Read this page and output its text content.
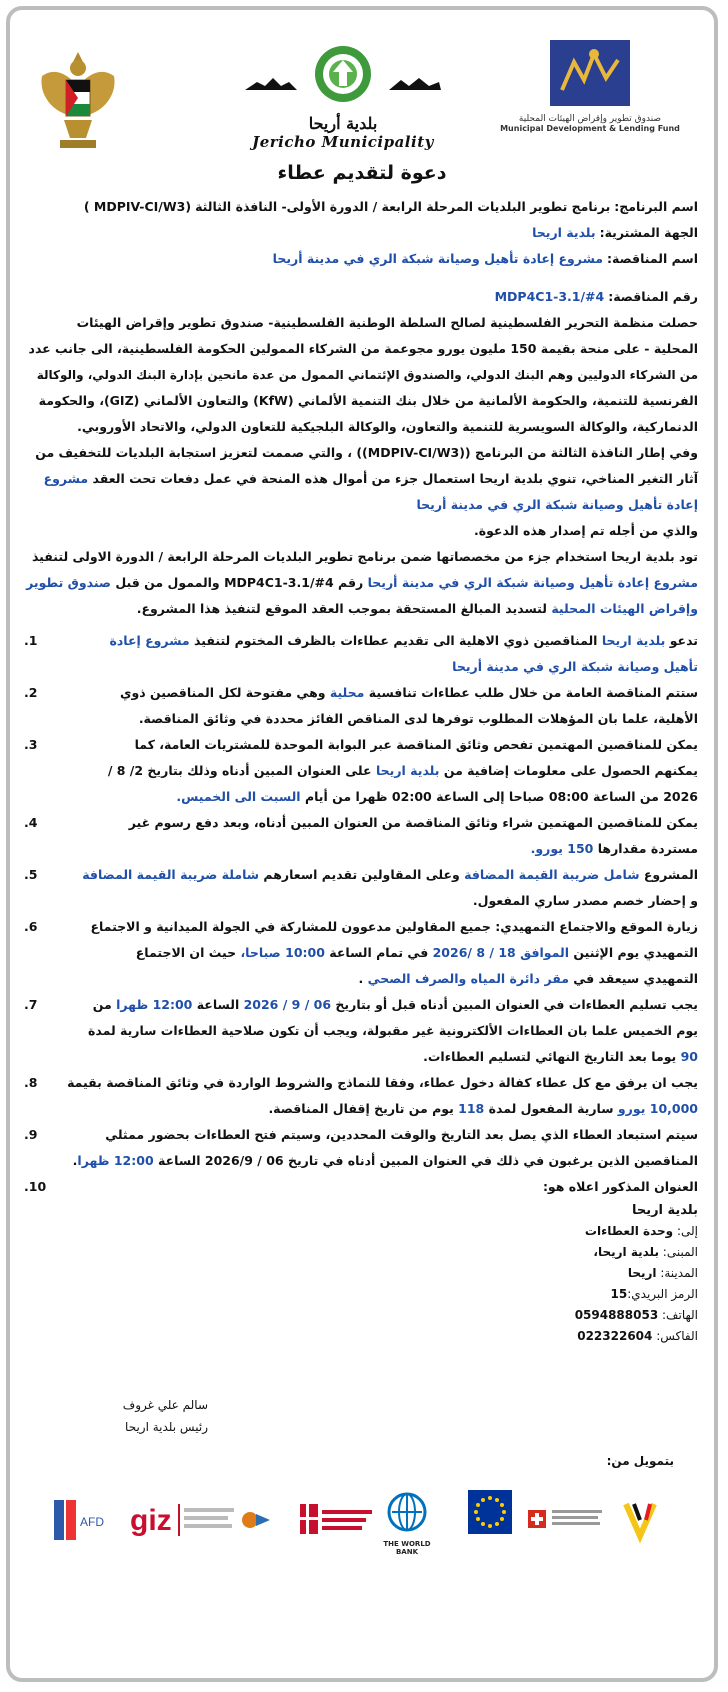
بلدية أريحا
Jericho Municipality
صندوق تطوير وإقراض الهيئات المحلية
Municipal Development & Lending Fund
دعوة لتقديم عطاء
اسم البرنامج: برنامج تطوير البلديات المرحلة الرابعة / الدورة الأولى- النافذة الثالثة (MDPIV-CI/W3 )
الجهة المشترية: بلدية اريحا
اسم المناقصة: مشروع إعادة تأهيل وصيانة شبكة الري في مدينة أريحا
رقم المناقصة: MDP4C1-3.1/#4
حصلت منظمة التحرير الفلسطينية لصالح السلطة الوطنية الفلسطينية- صندوق تطوير وإقراض الهيئات
المحلية - على منحة بقيمة 150 مليون يورو مجوعمة من الشركاء الممولين الحكومة الفلسطينية، الى جانب عدد
من الشركاء الدوليين وهم البنك الدولي، والصندوق الإئتماني الممول من عدة مانحين بإدارة البنك الدولي، والوكالة
الفرنسية للتنمية، والحكومة الألمانية من خلال بنك التنمية الألماني (KfW) والتعاون الألماني (GIZ)، والحكومة
الدنماركية، والوكالة السويسرية للتنمية والتعاون، والوكالة البلجيكية للتعاون الدولي، والاتحاد الأوروبي.
وفي إطار النافذة الثالثة من البرنامج ((MDPIV-CI/W3)) ، والتي صممت لتعزيز استجابة البلديات للتخفيف من
آثار التغير المناخي، تنوي بلدية اريحا استعمال جزء من أموال هذه المنحة في عمل دفعات تحت العقد مشروع
إعادة تأهيل وصيانة شبكة الري في مدينة أريحا
والذي من أجله تم إصدار هذه الدعوة.
تود بلدية اريحا استخدام جزء من مخصصاتها ضمن برنامج تطوير البلديات المرحلة الرابعة / الدورة الاولى لتنفيذ
مشروع إعادة تأهيل وصيانة شبكة الري في مدينة أريحا رقم MDP4C1-3.1/#4 والممول من قبل صندوق تطوير
وإقراض الهيئات المحلية لتسديد المبالغ المستحقة بموجب العقد الموقع لتنفيذ هذا المشروع.
1.	تدعو بلدية اريحا المناقصين ذوي الاهلية الى تقديم عطاءات بالظرف المختوم لتنفيذ مشروع إعادة
تأهيل وصيانة شبكة الري في مدينة أريحا
2.	ستتم المناقصة العامة من خلال طلب عطاءات تنافسية محلية وهي مفتوحة لكل المناقصين ذوي
الأهلية، علما بان المؤهلات المطلوب توفرها لدى المناقص الفائز محددة في وثائق المناقصة.
3.	يمكن للمناقصين المهتمين تفحص وثائق المناقصة عبر البوابة الموحدة للمشتريات العامة، كما
يمكنهم الحصول على معلومات إضافية من بلدية اريحا على العنوان المبين أدناه وذلك بتاريخ 2/ 8 /
2026 من الساعة 08:00 صباحا إلى الساعة 02:00 ظهرا من أيام السبت الى الخميس.
4.	يمكن للمناقصين المهتمين شراء وثائق المناقصة من العنوان المبين أدناه، وبعد دفع رسوم غير
مستردة مقدارها 150 يورو.
5.	المشروع شامل ضريبة القيمة المضافة وعلى المقاولين تقديم اسعارهم شاملة ضريبة القيمة المضافة
و إحضار خصم مصدر ساري المفعول.
6.	زيارة الموقع والاجتماع التمهيدي: جميع المقاولين مدعوون للمشاركة في الجولة الميدانية و الاجتماع
التمهيدي يوم الإثنين الموافق 18 / 8 /2026 في تمام الساعة 10:00 صباحا، حيث ان الاجتماع
التمهيدي سيعقد في مقر دائرة المياه والصرف الصحي .
7.	يجب تسليم العطاءات في العنوان المبين أدناه قبل أو بتاريخ 06 / 9 / 2026 الساعة 12:00 ظهرا من
يوم الخميس علما بان العطاءات الألكترونية غير مقبولة، ويجب أن تكون صلاحية العطاءات سارية لمدة
90 يوما بعد التاريخ النهائي لتسليم العطاءات.
8.	يجب ان يرفق مع كل عطاء كفالة دخول عطاء، وفقا للنماذج والشروط الواردة في وثائق المناقصة بقيمة
10,000 يورو سارية المفعول لمدة 118 يوم من تاريخ إقفال المناقصة.
9.	سيتم استبعاد العطاء الذي يصل بعد التاريخ والوقت المحددين، وسيتم فتح العطاءات بحضور ممثلي
المناقصين الذين يرغبون في ذلك في العنوان المبين أدناه في تاريخ 06 / 2026/9 الساعة 12:00 ظهرا.
10.	العنوان المذكور اعلاه هو:
بلدية اريحا
إلى: وحدة العطاءات
المبنى: بلدية اريحا،
المدينة: اريحا
الرمز البريدي:15
الهاتف: 0594888053
الفاكس: 022322604
سالم علي غروف
رئيس بلدية اريحا
بتمويل من:
AFD giz
THE WORLD BANK
